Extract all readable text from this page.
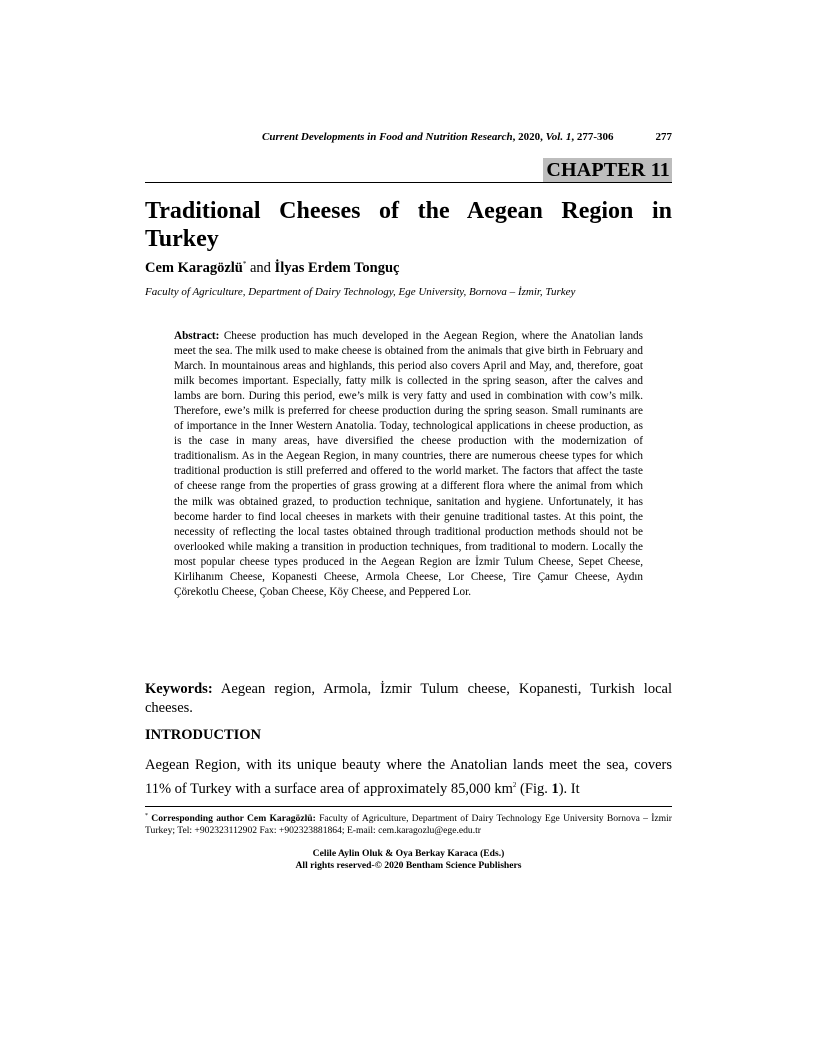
Current Developments in Food and Nutrition Research, 2020, Vol. 1, 277-306	277
CHAPTER 11
Traditional Cheeses of the Aegean Region in
Turkey
Cem Karagözlü* and İlyas Erdem Tonguç
Faculty of Agriculture, Department of Dairy Technology, Ege University, Bornova – İzmir, Turkey
Abstract: Cheese production has much developed in the Aegean Region, where the Anatolian lands meet the sea. The milk used to make cheese is obtained from the animals that give birth in February and March. In mountainous areas and highlands, this period also covers April and May, and, therefore, goat milk becomes important. Especially, fatty milk is collected in the spring season, after the calves and lambs are born. During this period, ewe’s milk is very fatty and used in combination with cow’s milk. Therefore, ewe’s milk is preferred for cheese production during the spring season. Small ruminants are of importance in the Inner Western Anatolia. Today, technological applications in cheese production, as is the case in many areas, have diversified the cheese production with the modernization of traditionalism. As in the Aegean Region, in many countries, there are numerous cheese types for which traditional production is still preferred and offered to the world market. The factors that affect the taste of cheese range from the properties of grass growing at a different flora where the animal from which the milk was obtained grazed, to production technique, sanitation and hygiene. Unfortunately, it has become harder to find local cheeses in markets with their genuine traditional tastes. At this point, the necessity of reflecting the local tastes obtained through traditional production methods should not be overlooked while making a transition in production techniques, from traditional to modern. Locally the most popular cheese types produced in the Aegean Region are İzmir Tulum Cheese, Sepet Cheese, Kirlihanım Cheese, Kopanesti Cheese, Armola Cheese, Lor Cheese, Tire Çamur Cheese, Aydın Çörekotlu Cheese, Çoban Cheese, Köy Cheese, and Peppered Lor.
Keywords: Aegean region, Armola, İzmir Tulum cheese, Kopanesti, Turkish local cheeses.
INTRODUCTION
Aegean Region, with its unique beauty where the Anatolian lands meet the sea, covers 11% of Turkey with a surface area of approximately 85,000 $km^2$ (Fig. 1). It
* Corresponding author Cem Karagözlü: Faculty of Agriculture, Department of Dairy Technology Ege University Bornova – İzmir Turkey; Tel: +902323112902 Fax: +902323881864; E-mail: cem.karagozlu@ege.edu.tr
Celile Aylin Oluk & Oya Berkay Karaca (Eds.)
All rights reserved-© 2020 Bentham Science Publishers
